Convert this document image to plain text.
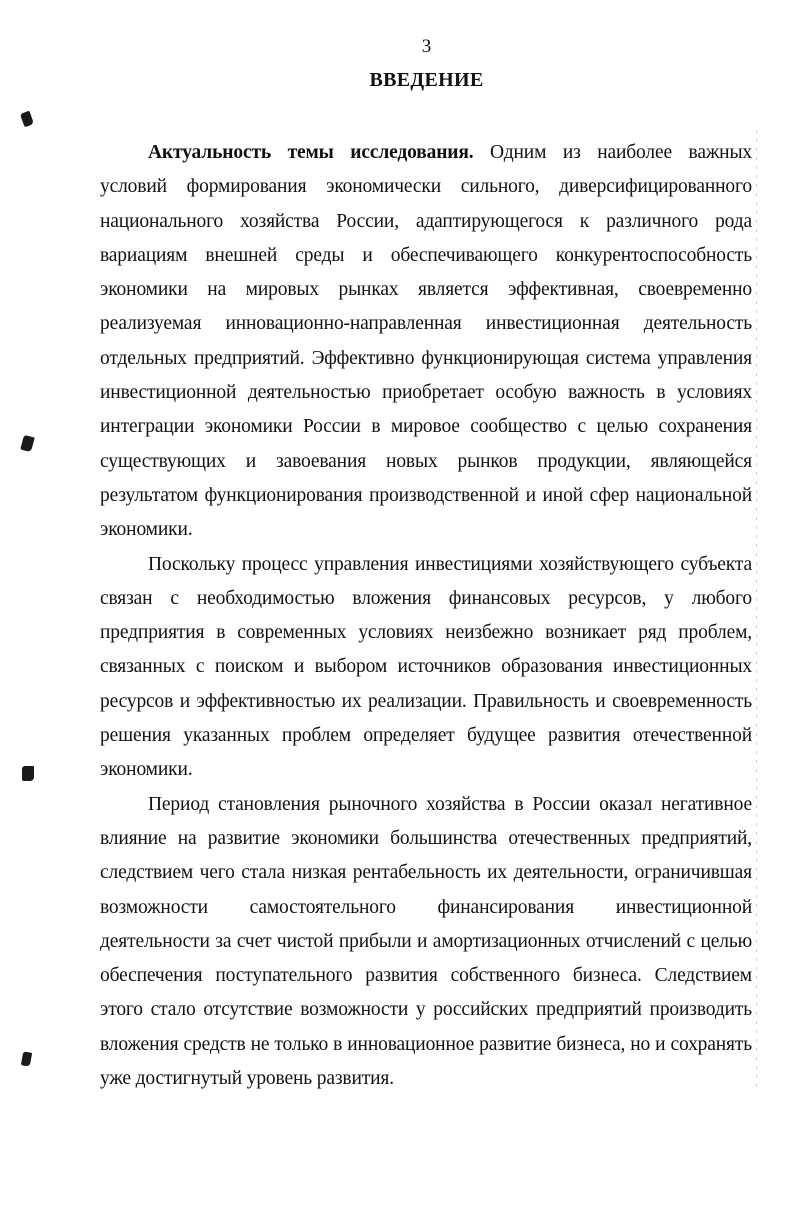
3
ВВЕДЕНИЕ

Актуальность темы исследования. Одним из наиболее важных условий формирования экономически сильного, диверсифицированного национального хозяйства России, адаптирующегося к различного рода вариациям внешней среды и обеспечивающего конкурентоспособность экономики на мировых рынках является эффективная, своевременно реализуемая инновационно-направленная инвестиционная деятельность отдельных предприятий. Эффективно функционирующая система управления инвестиционной деятельностью приобретает особую важность в условиях интеграции экономики России в мировое сообщество с целью сохранения существующих и завоевания новых рынков продукции, являющейся результатом функционирования производственной и иной сфер национальной экономики.

Поскольку процесс управления инвестициями хозяйствующего субъекта связан с необходимостью вложения финансовых ресурсов, у любого предприятия в современных условиях неизбежно возникает ряд проблем, связанных с поиском и выбором источников образования инвестиционных ресурсов и эффективностью их реализации. Правильность и своевременность решения указанных проблем определяет будущее развития отечественной экономики.

Период становления рыночного хозяйства в России оказал негативное влияние на развитие экономики большинства отечественных предприятий, следствием чего стала низкая рентабельность их деятельности, ограничившая возможности самостоятельного финансирования инвестиционной деятельности за счет чистой прибыли и амортизационных отчислений с целью обеспечения поступательного развития собственного бизнеса. Следствием этого стало отсутствие возможности у российских предприятий производить вложения средств не только в инновационное развитие бизнеса, но и сохранять уже достигнутый уровень развития.
